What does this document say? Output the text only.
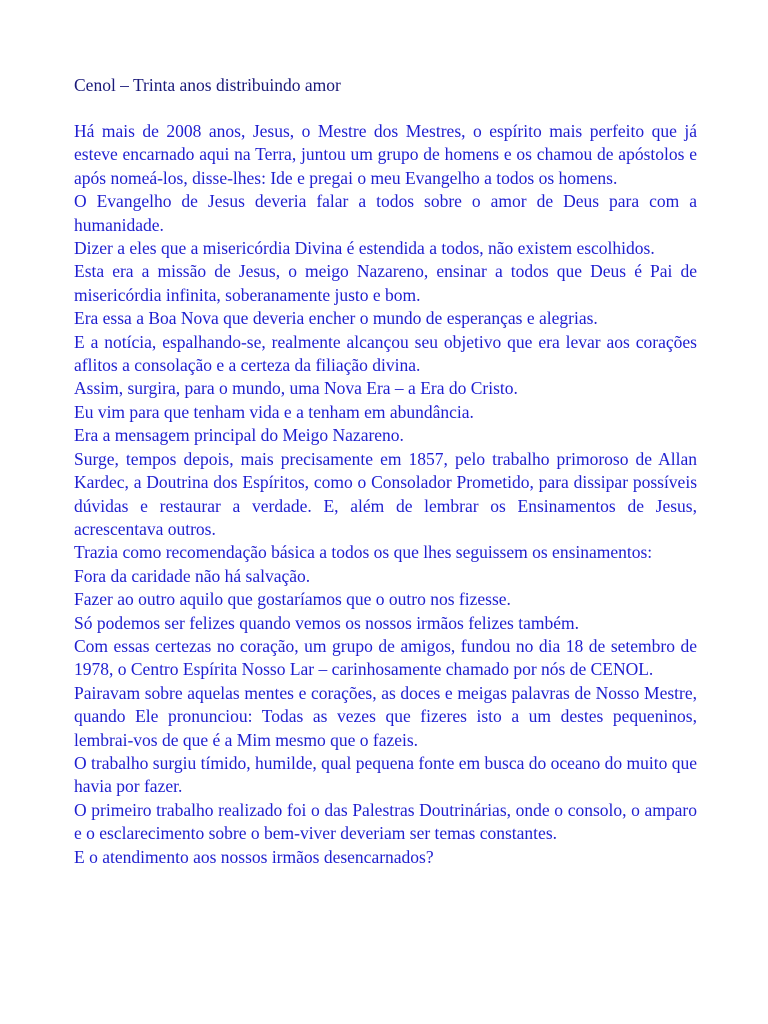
Cenol – Trinta anos distribuindo amor

Há mais de 2008 anos, Jesus, o Mestre dos Mestres, o espírito mais perfeito que já esteve encarnado aqui na Terra, juntou um grupo de homens e os chamou de apóstolos e após nomeá-los, disse-lhes: Ide e pregai o meu Evangelho a todos os homens.

O Evangelho de Jesus deveria falar a todos sobre o amor de Deus para com a humanidade.

Dizer a eles que a misericórdia Divina é estendida a todos, não existem escolhidos.

Esta era a missão de Jesus, o meigo Nazareno, ensinar a todos que Deus é Pai de misericórdia infinita, soberanamente justo e bom.

Era essa a Boa Nova que deveria encher o mundo de esperanças e alegrias.

E a notícia, espalhando-se, realmente alcançou seu objetivo que era levar aos corações aflitos a consolação e a certeza da filiação divina.

Assim, surgira, para o mundo, uma Nova Era – a Era do Cristo.

Eu vim para que tenham vida e a tenham em abundância.

Era a mensagem principal do Meigo Nazareno.

Surge, tempos depois, mais precisamente em 1857, pelo trabalho primoroso de Allan Kardec, a Doutrina dos Espíritos, como o Consolador Prometido, para dissipar possíveis dúvidas e restaurar a verdade. E, além de lembrar os Ensinamentos de Jesus, acrescentava outros.

Trazia como recomendação básica a todos os que lhes seguissem os ensinamentos:

Fora da caridade não há salvação.

Fazer ao outro aquilo que gostaríamos que o outro nos fizesse.

Só podemos ser felizes quando vemos os nossos irmãos felizes também.

Com essas certezas no coração, um grupo de amigos, fundou no dia 18 de setembro de 1978, o Centro Espírita Nosso Lar – carinhosamente chamado por nós de CENOL.

Pairavam sobre aquelas mentes e corações, as doces e meigas palavras de Nosso Mestre, quando Ele pronunciou: Todas as vezes que fizeres isto a um destes pequeninos, lembrai-vos de que é a Mim mesmo que o fazeis.

O trabalho surgiu tímido, humilde, qual pequena fonte em busca do oceano do muito que havia por fazer.

O primeiro trabalho realizado foi o das Palestras Doutrinárias, onde o consolo, o amparo e o esclarecimento sobre o bem-viver deveriam ser temas constantes.

E o atendimento aos nossos irmãos desencarnados?
